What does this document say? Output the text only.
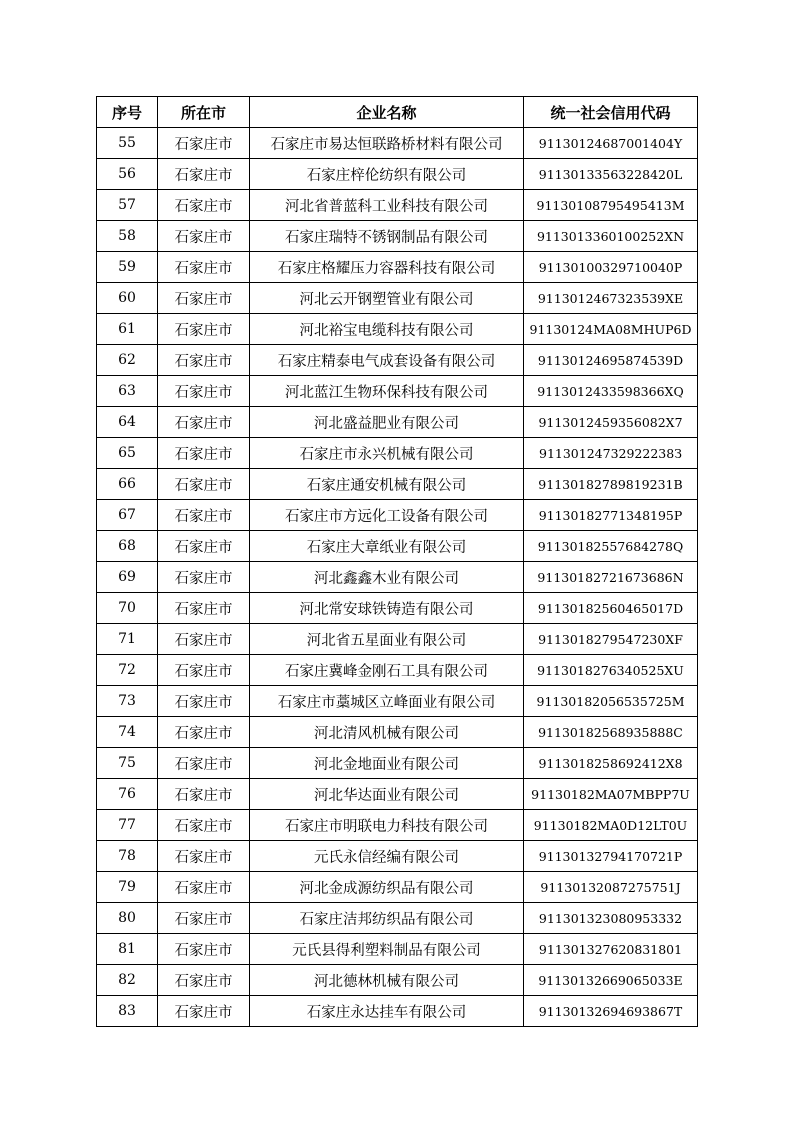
序号	所在市	企业名称	统一社会信用代码
55	石家庄市	石家庄市易达恒联路桥材料有限公司	91130124687001404Y
56	石家庄市	石家庄梓伦纺织有限公司	91130133563228420L
57	石家庄市	河北省普蓝科工业科技有限公司	91130108795495413M
58	石家庄市	石家庄瑞特不锈钢制品有限公司	9113013360100252XN
59	石家庄市	石家庄格耀压力容器科技有限公司	91130100329710040P
60	石家庄市	河北云开钢塑管业有限公司	9113012467323539XE
61	石家庄市	河北裕宝电缆科技有限公司	91130124MA08MHUP6D
62	石家庄市	石家庄精泰电气成套设备有限公司	91130124695874539D
63	石家庄市	河北蓝江生物环保科技有限公司	9113012433598366XQ
64	石家庄市	河北盛益肥业有限公司	9113012459356082X7
65	石家庄市	石家庄市永兴机械有限公司	91130124732922238З
66	石家庄市	石家庄通安机械有限公司	91130182789819231B
67	石家庄市	石家庄市方远化工设备有限公司	91130182771348195P
68	石家庄市	石家庄大章纸业有限公司	91130182557684278Q
69	石家庄市	河北鑫鑫木业有限公司	91130182721673686N
70	石家庄市	河北常安球铁铸造有限公司	91130182560465017D
71	石家庄市	河北省五星面业有限公司	9113018279547230XF
72	石家庄市	石家庄冀峰金刚石工具有限公司	9113018276340525XU
73	石家庄市	石家庄市藁城区立峰面业有限公司	91130182056535725M
74	石家庄市	河北清风机械有限公司	91130182568935888C
75	石家庄市	河北金地面业有限公司	9113018258692412X8
76	石家庄市	河北华达面业有限公司	91130182MA07MBPP7U
77	石家庄市	石家庄市明联电力科技有限公司	91130182MA0D12LT0U
78	石家庄市	元氏永信经编有限公司	91130132794170721P
79	石家庄市	河北金成源纺织品有限公司	91130132087275751J
80	石家庄市	石家庄洁邦纺织品有限公司	911301323080953332
81	石家庄市	元氏县得利塑料制品有限公司	911301327620831801
82	石家庄市	河北德林机械有限公司	91130132669065033E
83	石家庄市	石家庄永达挂车有限公司	91130132694693867T
